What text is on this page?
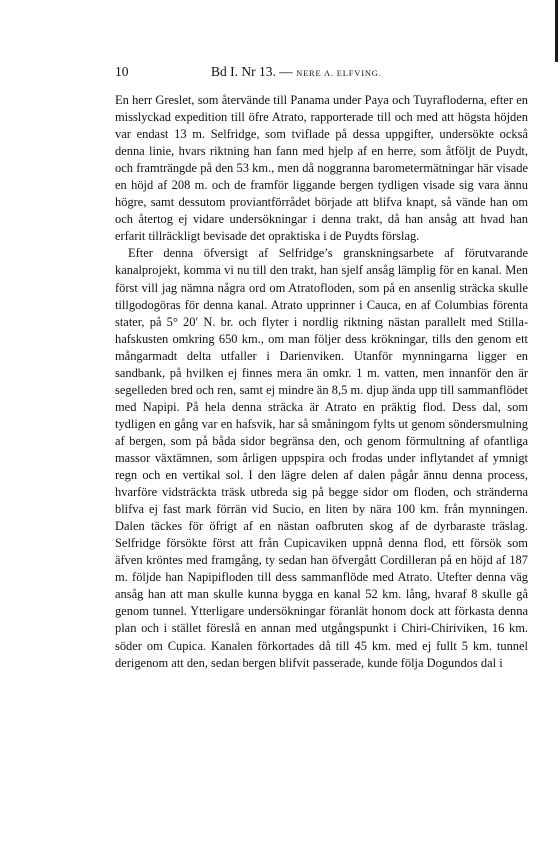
10	Bd I. Nr 13. — NERE A. ELFVING.

En herr Greslet, som återvände till Panama under Paya och Tuyrafloderna, efter en misslyckad expedition till öfre Atrato, rapporterade till och med att högsta höjden var endast 13 m. Selfridge, som tviflade på dessa uppgifter, undersökte också denna linie, hvars riktning han fann med hjelp af en herre, som åtföljt de Puydt, och framträngde på den 53 km., men då noggranna barometermätningar här visade en höjd af 208 m. och de framför liggande bergen tydligen visade sig vara ännu högre, samt dessutom proviantförrådet började att blifva knapt, så vände han om och återtog ej vidare undersökningar i denna trakt, då han ansåg att hvad han erfarit tillräckligt bevisade det opraktiska i de Puydts förslag.

Efter denna öfversigt af Selfridge’s granskningsarbete af förutvarande kanalprojekt, komma vi nu till den trakt, han sjelf ansåg lämplig för en kanal. Men först vill jag nämna några ord om Atratofloden, som på en ansenlig sträcka skulle tillgodogöras för denna kanal. Atrato upprinner i Cauca, en af Columbias förenta stater, på 5° 20′ N. br. och flyter i nordlig riktning nästan parallelt med Stilla-hafskusten omkring 650 km., om man följer dess krökningar, tills den genom ett mångarmadt delta utfaller i Darienviken. Utanför mynningarna ligger en sandbank, på hvilken ej finnes mera än omkr. 1 m. vatten, men innanför den är segelleden bred och ren, samt ej mindre än 8,5 m. djup ända upp till sammanflödet med Napipi. På hela denna sträcka är Atrato en präktig flod. Dess dal, som tydligen en gång var en hafsvik, har så småningom fylts ut genom söndersmulning af bergen, som på båda sidor begränsa den, och genom förmultning af ofantliga massor växtämnen, som årligen uppspira och frodas under inflytandet af ymnigt regn och en vertikal sol. I den lägre delen af dalen pågår ännu denna process, hvarföre vidsträckta träsk utbreda sig på begge sidor om floden, och stränderna blifva ej fast mark förrän vid Sucio, en liten by nära 100 km. från mynningen. Dalen täckes för öfrigt af en nästan oafbruten skog af de dyrbaraste träslag. Selfridge försökte först att från Cupicaviken uppnå denna flod, ett försök som äfven kröntes med framgång, ty sedan han öfvergått Cordilleran på en höjd af 187 m. följde han Napipifloden till dess sammanflöde med Atrato. Utefter denna väg ansåg han att man skulle kunna bygga en kanal 52 km. lång, hvaraf 8 skulle gå genom tunnel. Ytterligare undersökningar föranlät honom dock att förkasta denna plan och i stället föreslå en annan med utgångspunkt i Chiri-Chiriviken, 16 km. söder om Cupica. Kanalen förkortades då till 45 km. med ej fullt 5 km. tunnel derigenom att den, sedan bergen blifvit passerade, kunde följa Dogundos dal i
